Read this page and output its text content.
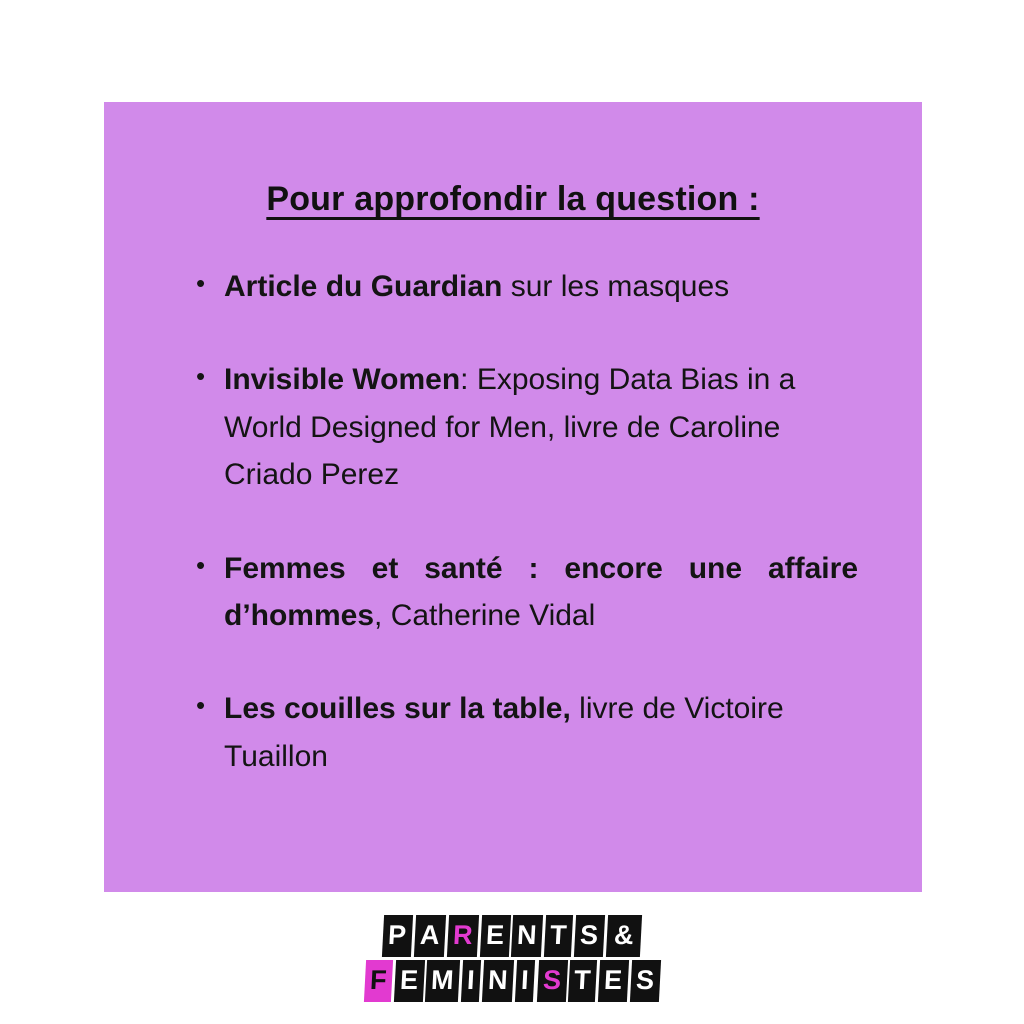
Pour approfondir la question :
• Article du Guardian sur les masques
• Invisible Women: Exposing Data Bias in a World Designed for Men, livre de Caroline Criado Perez
• Femmes et santé : encore une affaire d’hommes, Catherine Vidal
• Les couilles sur la table, livre de Victoire Tuaillon
P A R E N T S &
F E M I N I S T E S
